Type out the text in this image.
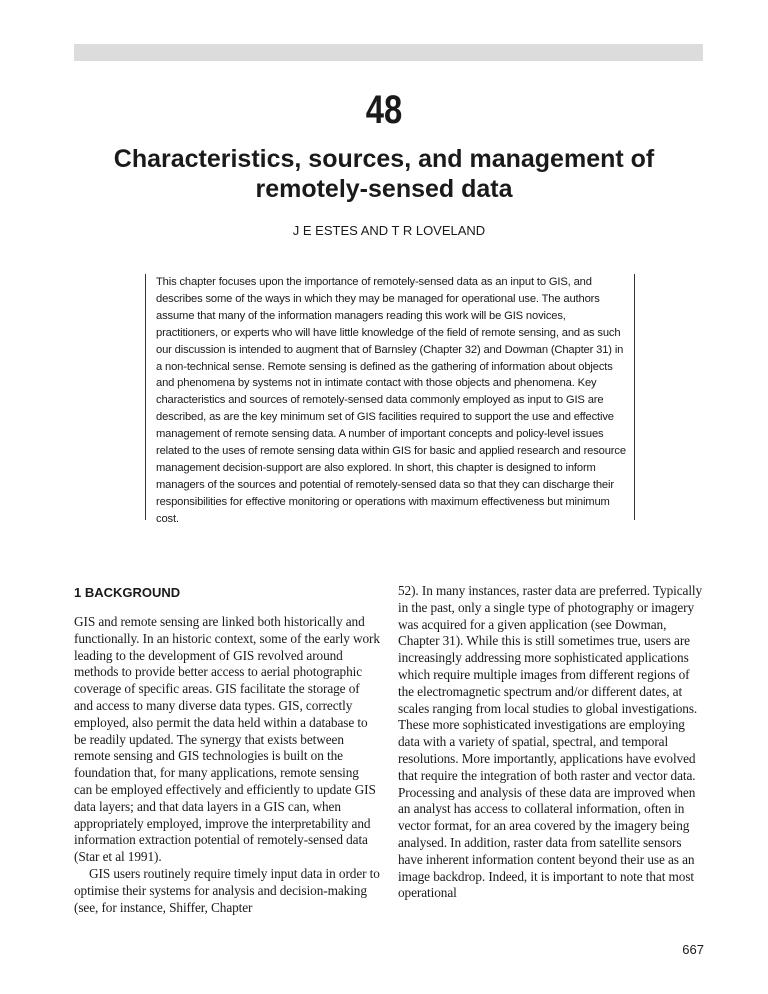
48
Characteristics, sources, and management of
remotely-sensed data
J E ESTES AND T R LOVELAND

This chapter focuses upon the importance of remotely-sensed data as an input to GIS, and describes some of the ways in which they may be managed for operational use. The authors assume that many of the information managers reading this work will be GIS novices, practitioners, or experts who will have little knowledge of the field of remote sensing, and as such our discussion is intended to augment that of Barnsley (Chapter 32) and Dowman (Chapter 31) in a non-technical sense. Remote sensing is defined as the gathering of information about objects and phenomena by systems not in intimate contact with those objects and phenomena. Key characteristics and sources of remotely-sensed data commonly employed as input to GIS are described, as are the key minimum set of GIS facilities required to support the use and effective management of remote sensing data. A number of important concepts and policy-level issues related to the uses of remote sensing data within GIS for basic and applied research and resource management decision-support are also explored. In short, this chapter is designed to inform managers of the sources and potential of remotely-sensed data so that they can discharge their responsibilities for effective monitoring or operations with maximum effectiveness but minimum cost.

1 BACKGROUND

GIS and remote sensing are linked both historically and functionally. In an historic context, some of the early work leading to the development of GIS revolved around methods to provide better access to aerial photographic coverage of specific areas. GIS facilitate the storage of and access to many diverse data types. GIS, correctly employed, also permit the data held within a database to be readily updated. The synergy that exists between remote sensing and GIS technologies is built on the foundation that, for many applications, remote sensing can be employed effectively and efficiently to update GIS data layers; and that data layers in a GIS can, when appropriately employed, improve the interpretability and information extraction potential of remotely-sensed data (Star et al 1991).

GIS users routinely require timely input data in order to optimise their systems for analysis and decision-making (see, for instance, Shiffer, Chapter

52). In many instances, raster data are preferred. Typically in the past, only a single type of photography or imagery was acquired for a given application (see Dowman, Chapter 31). While this is still sometimes true, users are increasingly addressing more sophisticated applications which require multiple images from different regions of the electromagnetic spectrum and/or different dates, at scales ranging from local studies to global investigations. These more sophisticated investigations are employing data with a variety of spatial, spectral, and temporal resolutions. More importantly, applications have evolved that require the integration of both raster and vector data. Processing and analysis of these data are improved when an analyst has access to collateral information, often in vector format, for an area covered by the imagery being analysed. In addition, raster data from satellite sensors have inherent information content beyond their use as an image backdrop. Indeed, it is important to note that most operational

667
